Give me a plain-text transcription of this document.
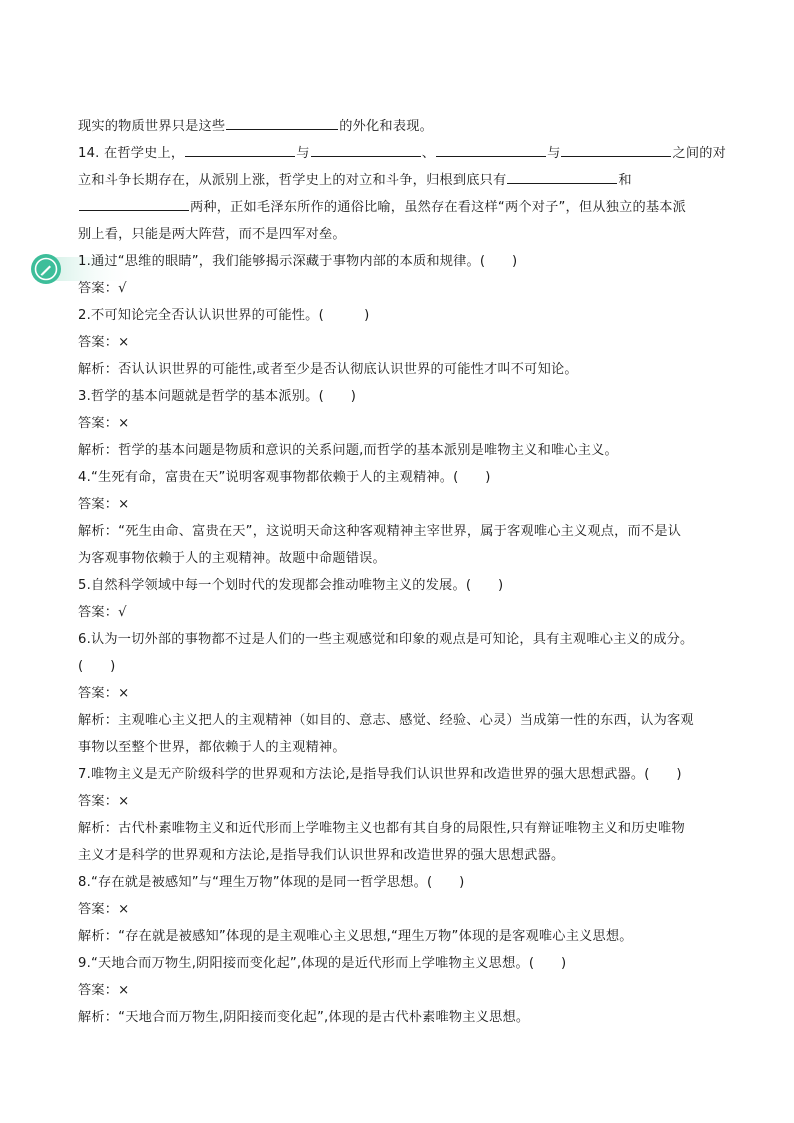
现实的物质世界只是这些	的外化和表现。
14. 在哲学史上，	与	、	与	之间的对
立和斗争长期存在，从派别上涨，哲学史上的对立和斗争，归根到底只有	和
两种，正如毛泽东所作的通俗比喻，虽然存在看这样“两个对子”，但从独立的基本派
别上看，只能是两大阵营，而不是四军对垒。
1.通过“思维的眼睛”，我们能够揭示深藏于事物内部的本质和规律。(　　)
答案：√
2.不可知论完全否认认识世界的可能性。(　　　)
答案：×
解析：否认认识世界的可能性,或者至少是否认彻底认识世界的可能性才叫不可知论。
3.哲学的基本问题就是哲学的基本派别。(　　)
答案：×
解析：哲学的基本问题是物质和意识的关系问题,而哲学的基本派别是唯物主义和唯心主义。
4.“生死有命，富贵在天”说明客观事物都依赖于人的主观精神。(　　)
答案：×
解析：“死生由命、富贵在天”，这说明天命这种客观精神主宰世界，属于客观唯心主义观点，而不是认
为客观事物依赖于人的主观精神。故题中命题错误。
5.自然科学领域中每一个划时代的发现都会推动唯物主义的发展。(　　)
答案：√
6.认为一切外部的事物都不过是人们的一些主观感觉和印象的观点是可知论，具有主观唯心主义的成分。
(　　)
答案：×
解析：主观唯心主义把人的主观精神（如目的、意志、感觉、经验、心灵）当成第一性的东西，认为客观
事物以至整个世界，都依赖于人的主观精神。
7.唯物主义是无产阶级科学的世界观和方法论,是指导我们认识世界和改造世界的强大思想武器。(　　)
答案：×
解析：古代朴素唯物主义和近代形而上学唯物主义也都有其自身的局限性,只有辩证唯物主义和历史唯物
主义才是科学的世界观和方法论,是指导我们认识世界和改造世界的强大思想武器。
8.“存在就是被感知”与“理生万物”体现的是同一哲学思想。(　　)
答案：×
解析：“存在就是被感知”体现的是主观唯心主义思想,“理生万物”体现的是客观唯心主义思想。
9.“天地合而万物生,阴阳接而变化起”,体现的是近代形而上学唯物主义思想。(　　)
答案：×
解析：“天地合而万物生,阴阳接而变化起”,体现的是古代朴素唯物主义思想。
